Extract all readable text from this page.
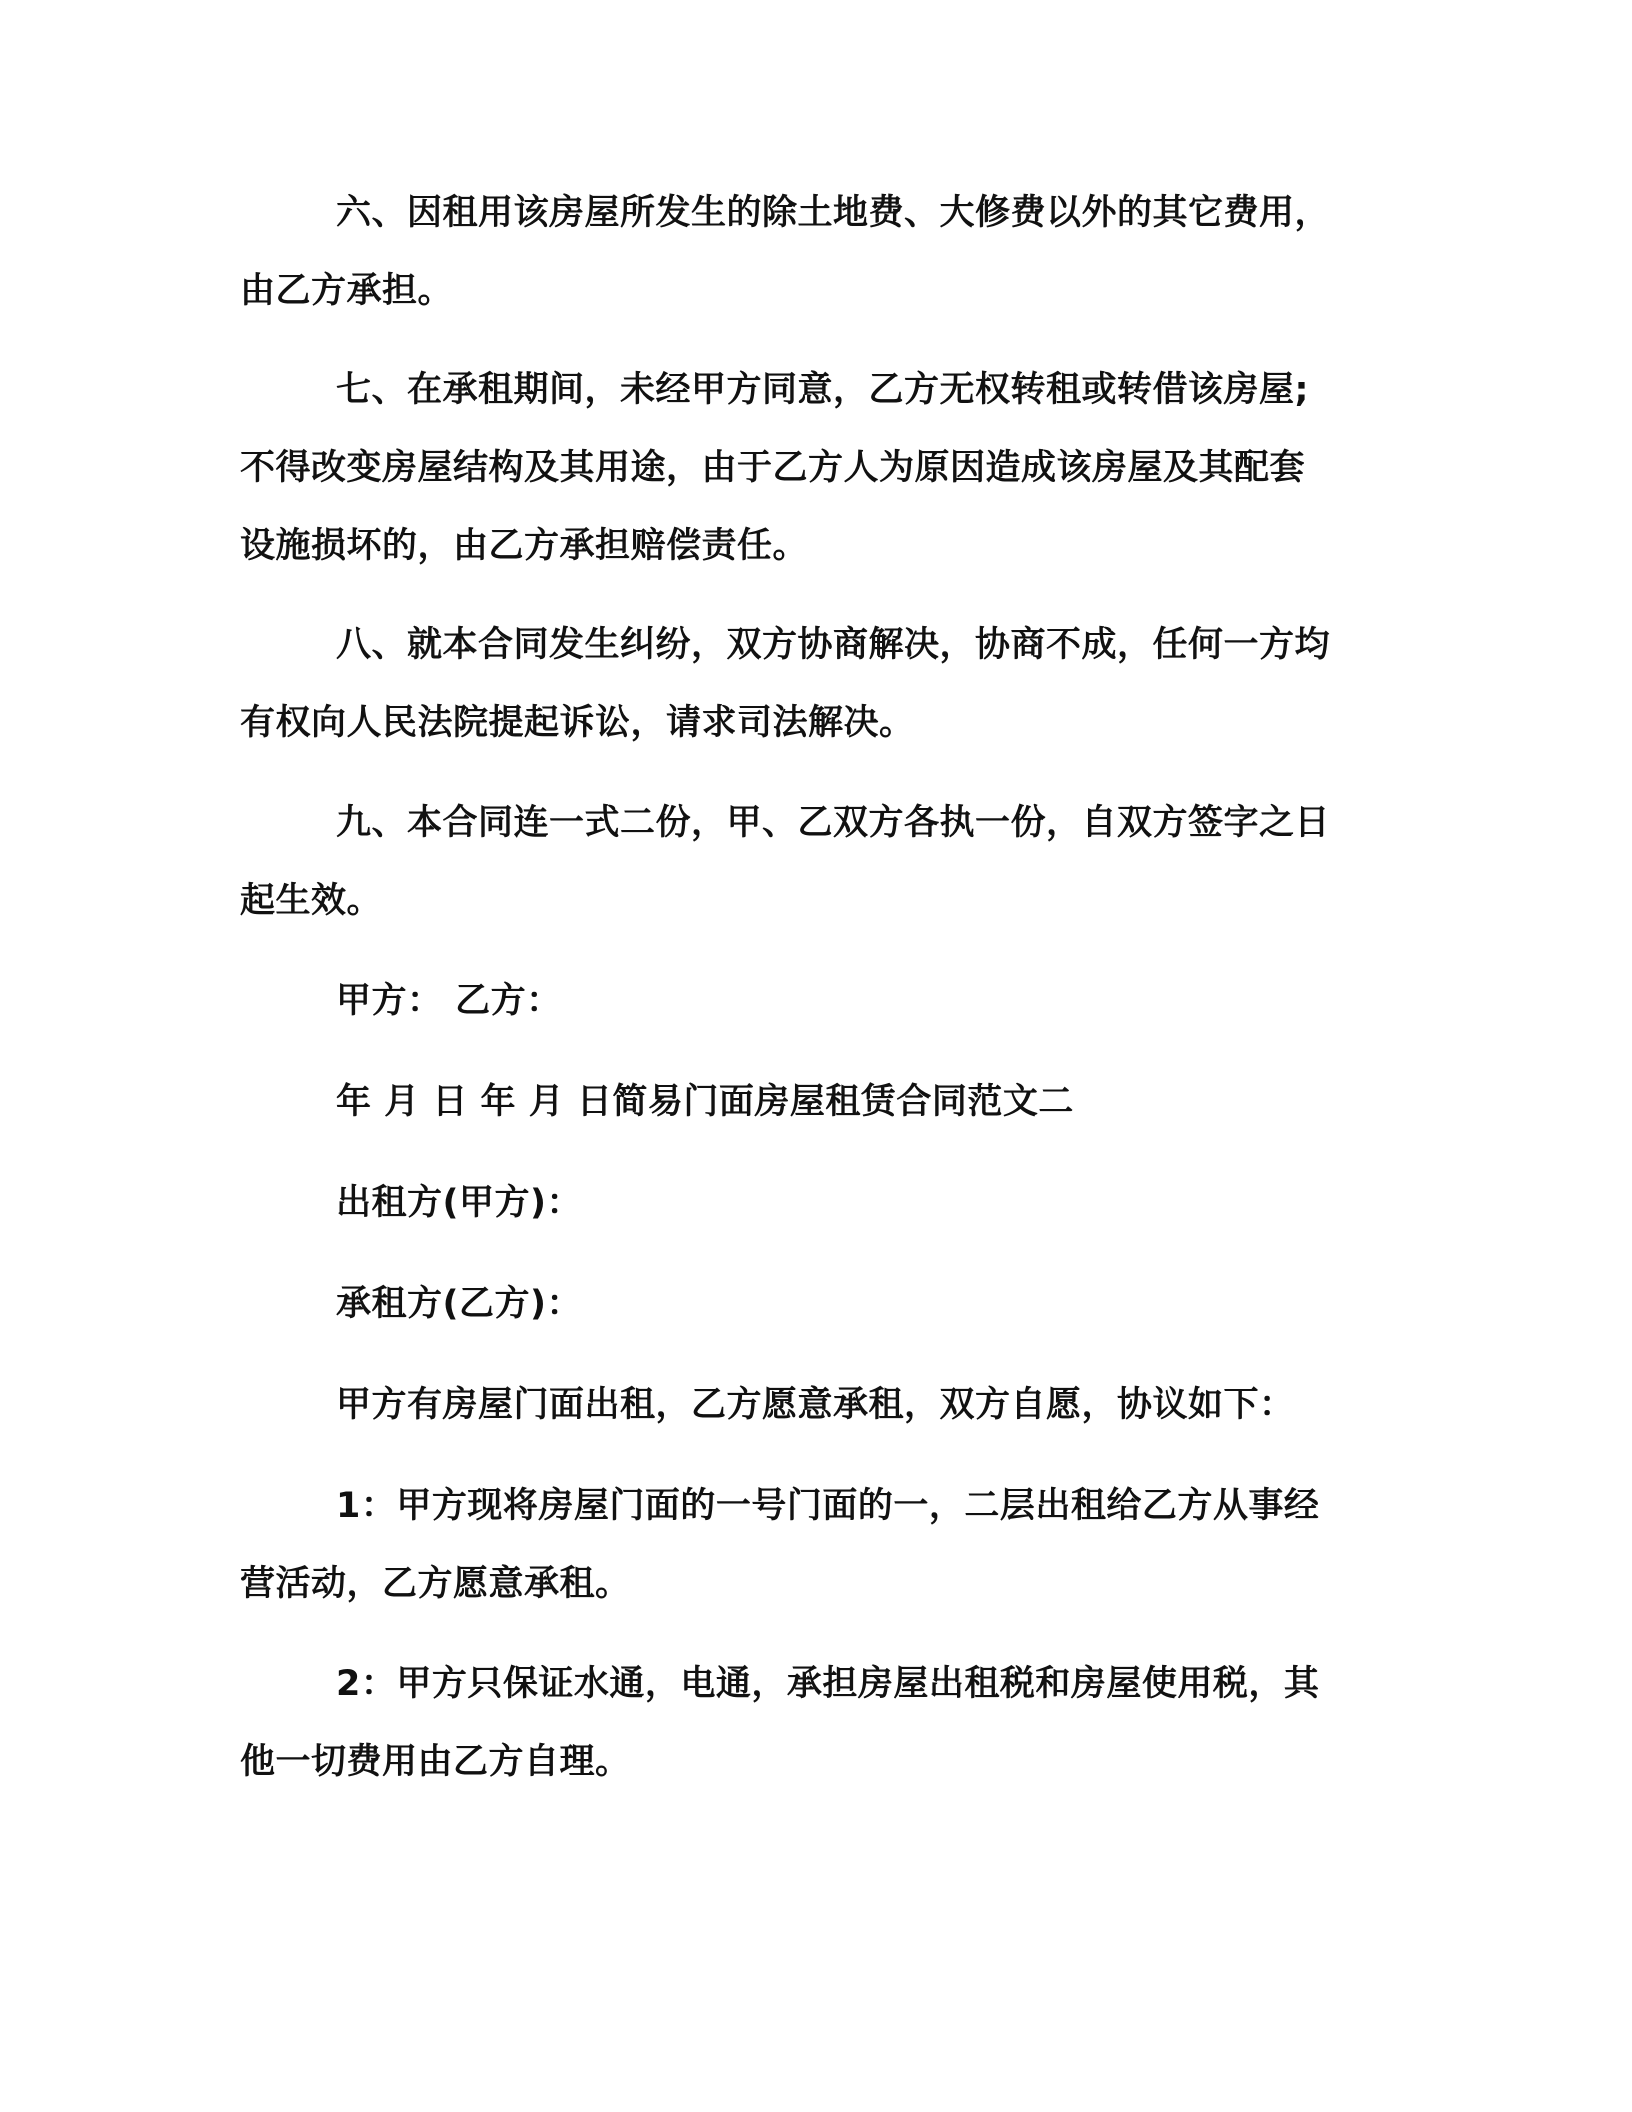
六、因租用该房屋所发生的除土地费、大修费以外的其它费用，
由乙方承担。

七、在承租期间，未经甲方同意，乙方无权转租或转借该房屋;
不得改变房屋结构及其用途，由于乙方人为原因造成该房屋及其配套
设施损坏的，由乙方承担赔偿责任。

八、就本合同发生纠纷，双方协商解决，协商不成，任何一方均
有权向人民法院提起诉讼，请求司法解决。

九、本合同连一式二份，甲、乙双方各执一份，自双方签字之日
起生效。

甲方： 乙方：

年 月 日 年 月 日简易门面房屋租赁合同范文二

出租方(甲方)：

承租方(乙方)：

甲方有房屋门面出租，乙方愿意承租，双方自愿，协议如下：

1：甲方现将房屋门面的一号门面的一，二层出租给乙方从事经
营活动，乙方愿意承租。

2：甲方只保证水通，电通，承担房屋出租税和房屋使用税，其
他一切费用由乙方自理。
